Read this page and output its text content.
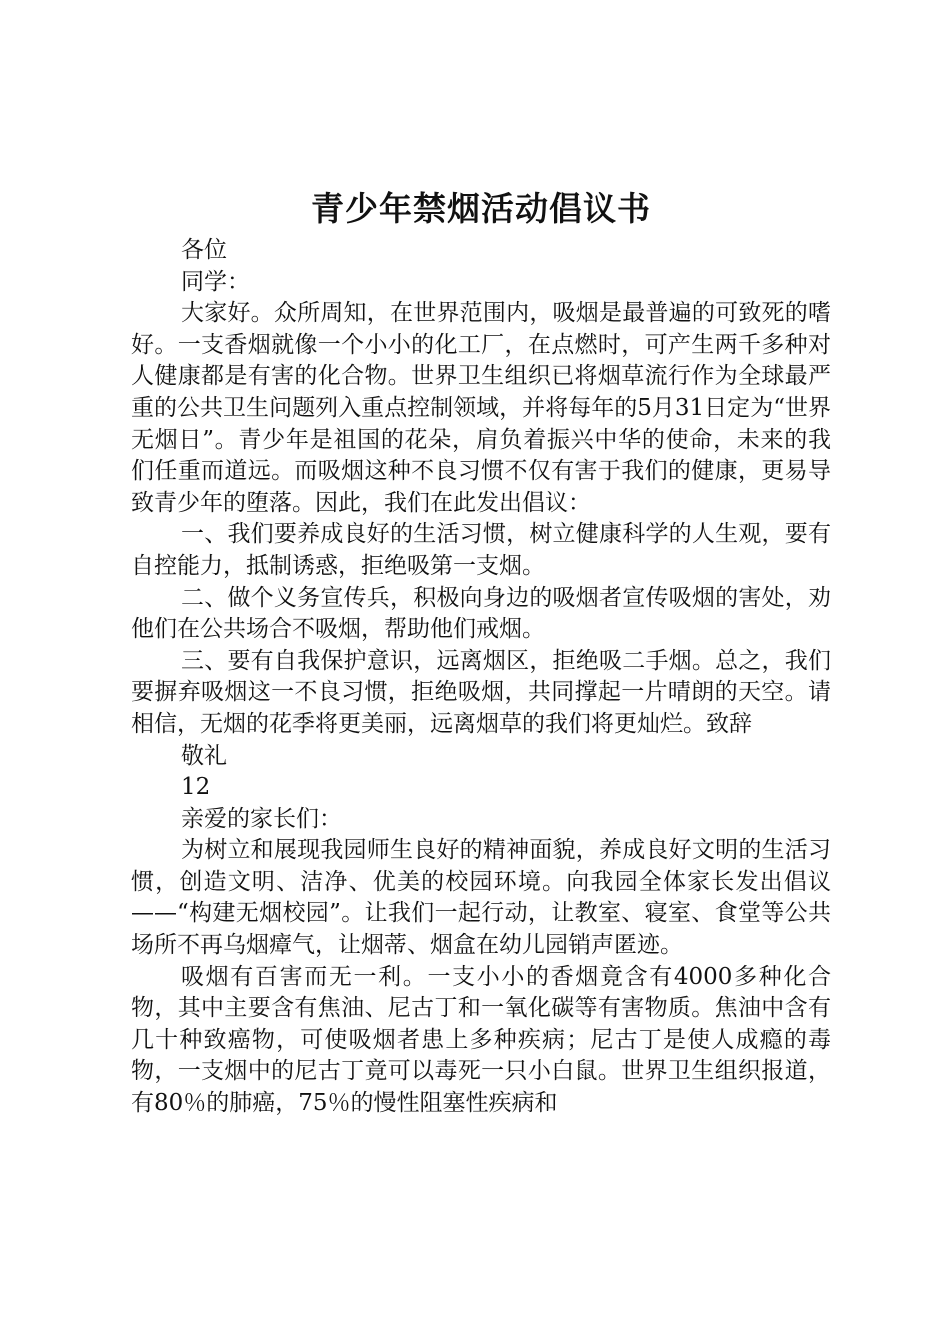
青少年禁烟活动倡议书

各位

同学：

大家好。众所周知，在世界范围内，吸烟是最普遍的可致死的嗜好。一支香烟就像一个小小的化工厂，在点燃时，可产生两千多种对人健康都是有害的化合物。世界卫生组织已将烟草流行作为全球最严重的公共卫生问题列入重点控制领域，并将每年的5月31日定为“世界无烟日”。青少年是祖国的花朵，肩负着振兴中华的使命，未来的我们任重而道远。而吸烟这种不良习惯不仅有害于我们的健康，更易导致青少年的堕落。因此，我们在此发出倡议：

一、我们要养成良好的生活习惯，树立健康科学的人生观，要有自控能力，抵制诱惑，拒绝吸第一支烟。

二、做个义务宣传兵，积极向身边的吸烟者宣传吸烟的害处，劝他们在公共场合不吸烟，帮助他们戒烟。

三、要有自我保护意识，远离烟区，拒绝吸二手烟。总之，我们要摒弃吸烟这一不良习惯，拒绝吸烟，共同撑起一片晴朗的天空。请相信，无烟的花季将更美丽，远离烟草的我们将更灿烂。致辞

敬礼

12

亲爱的家长们：

为树立和展现我园师生良好的精神面貌，养成良好文明的生活习惯，创造文明、洁净、优美的校园环境。向我园全体家长发出倡议——“构建无烟校园”。让我们一起行动，让教室、寝室、食堂等公共场所不再乌烟瘴气，让烟蒂、烟盒在幼儿园销声匿迹。

吸烟有百害而无一利。一支小小的香烟竟含有4000多种化合物，其中主要含有焦油、尼古丁和一氧化碳等有害物质。焦油中含有几十种致癌物，可使吸烟者患上多种疾病；尼古丁是使人成瘾的毒物，一支烟中的尼古丁竟可以毒死一只小白鼠。世界卫生组织报道，有80％的肺癌，75％的慢性阻塞性疾病和
